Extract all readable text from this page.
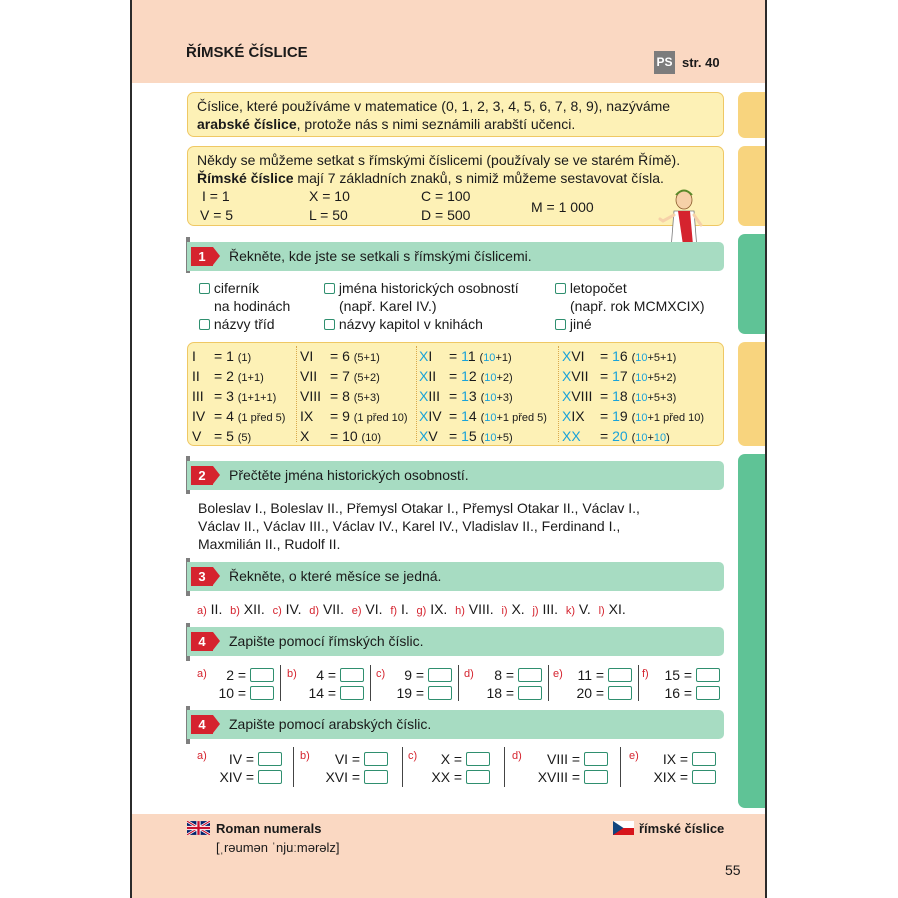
ŘÍMSKÉ ČÍSLICE
PS str. 40
Číslice, které používáme v matematice (0, 1, 2, 3, 4, 5, 6, 7, 8, 9), nazýváme
arabské číslice, protože nás s nimi seznámili arabští učenci.
Někdy se můžeme setkat s římskými číslicemi (používaly se ve starém Římě).
Římské číslice mají 7 základních znaků, s nimiž můžeme sestavovat čísla.
I = 1	X = 10	C = 100
V = 5	L = 50	D = 500	M = 1 000
1	Řekněte, kde jste se setkali s římskými číslicemi.
ciferník
na hodinách
jména historických osobností
(např. Karel IV.)
letopočet
(např. rok MCMXCIX)
názvy tříd	názvy kapitol v knihách	jiné
I = 1 (1)
II = 2 (1+1)
III = 3 (1+1+1)
IV = 4 (1 před 5)
V = 5 (5)
VI = 6 (5+1)
VII = 7 (5+2)
VIII = 8 (5+3)
IX = 9 (1 před 10)
X = 10 (10)
XI = 11 (10+1)
XII = 12 (10+2)
XIII = 13 (10+3)
XIV = 14 (10+1 před 5)
XV = 15 (10+5)
XVI = 16 (10+5+1)
XVII = 17 (10+5+2)
XVIII = 18 (10+5+3)
XIX = 19 (10+1 před 10)
XX = 20 (10+10)
2	Přečtěte jména historických osobností.
Boleslav I., Boleslav II., Přemysl Otakar I., Přemysl Otakar II., Václav I.,
Václav II., Václav III., Václav IV., Karel IV., Vladislav II., Ferdinand I.,
Maxmilián II., Rudolf II.
3	Řekněte, o které měsíce se jedná.
a) II. b) XII. c) IV. d) VII. e) VI. f) I. g) IX. h) VIII. i) X. j) III. k) V. l) XI.
4	Zapište pomocí římských číslic.
a)	2 =
10 =
b)	4 =
14 =
c)	9 =
19 =
d)	8 =
18 =
e)	11 =
20 =
f)	15 =
16 =
4	Zapište pomocí arabských číslic.
a)	IV =
XIV =
b)	VI =
XVI =
c)	X =
XX =
d)	VIII =
XVIII =
e)	IX =
XIX =
Roman numerals
[ˌrəumən ˈnjuːmərəlz]
římské číslice
55
